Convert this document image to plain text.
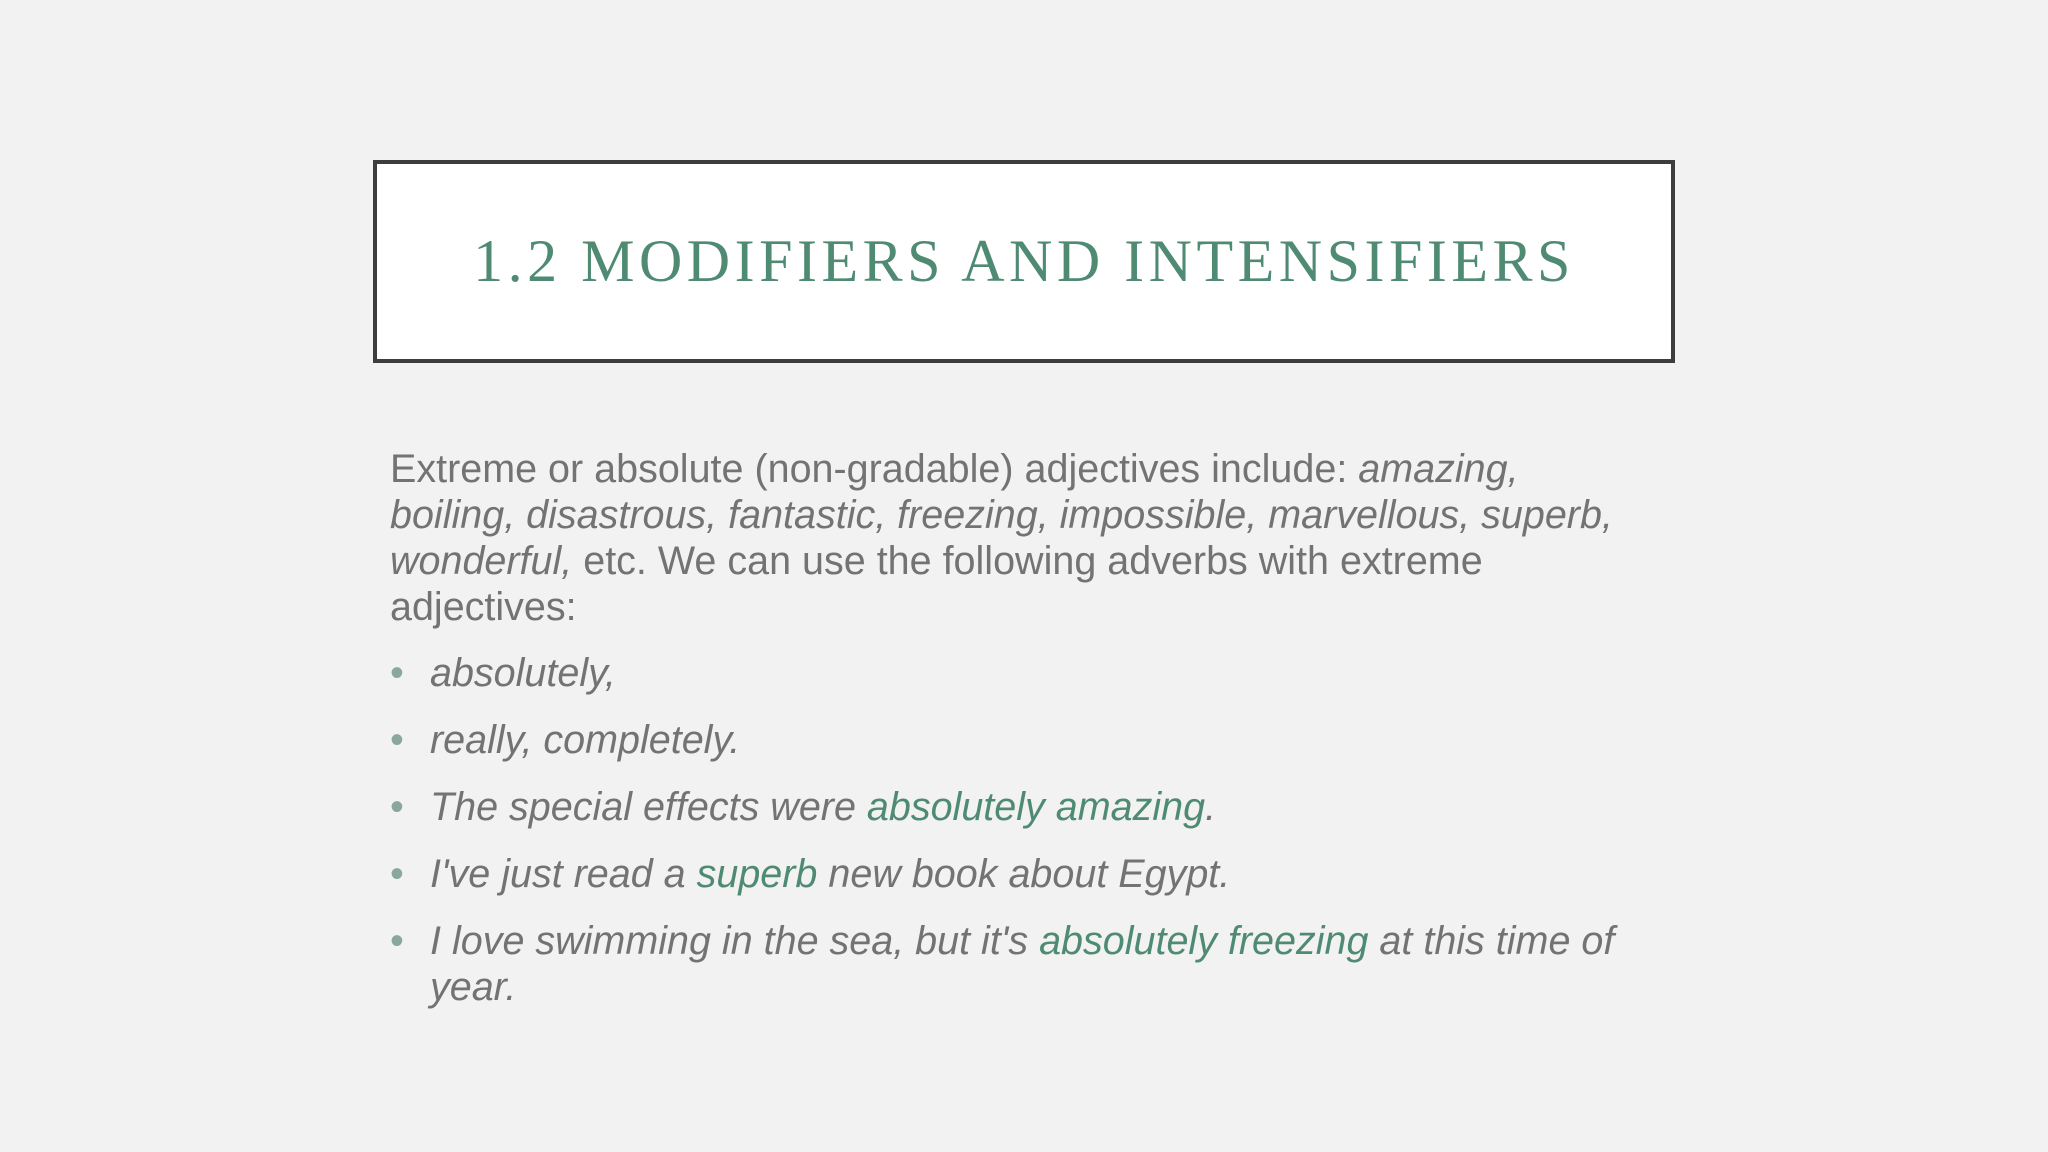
1.2 MODIFIERS AND INTENSIFIERS

Extreme or absolute (non-gradable) adjectives include: amazing, boiling, disastrous, fantastic, freezing, impossible, marvellous, superb, wonderful, etc. We can use the following adverbs with extreme adjectives:

• absolutely,
• really, completely.
• The special effects were absolutely amazing.
• I've just read a superb new book about Egypt.
• I love swimming in the sea, but it's absolutely freezing at this time of year.
